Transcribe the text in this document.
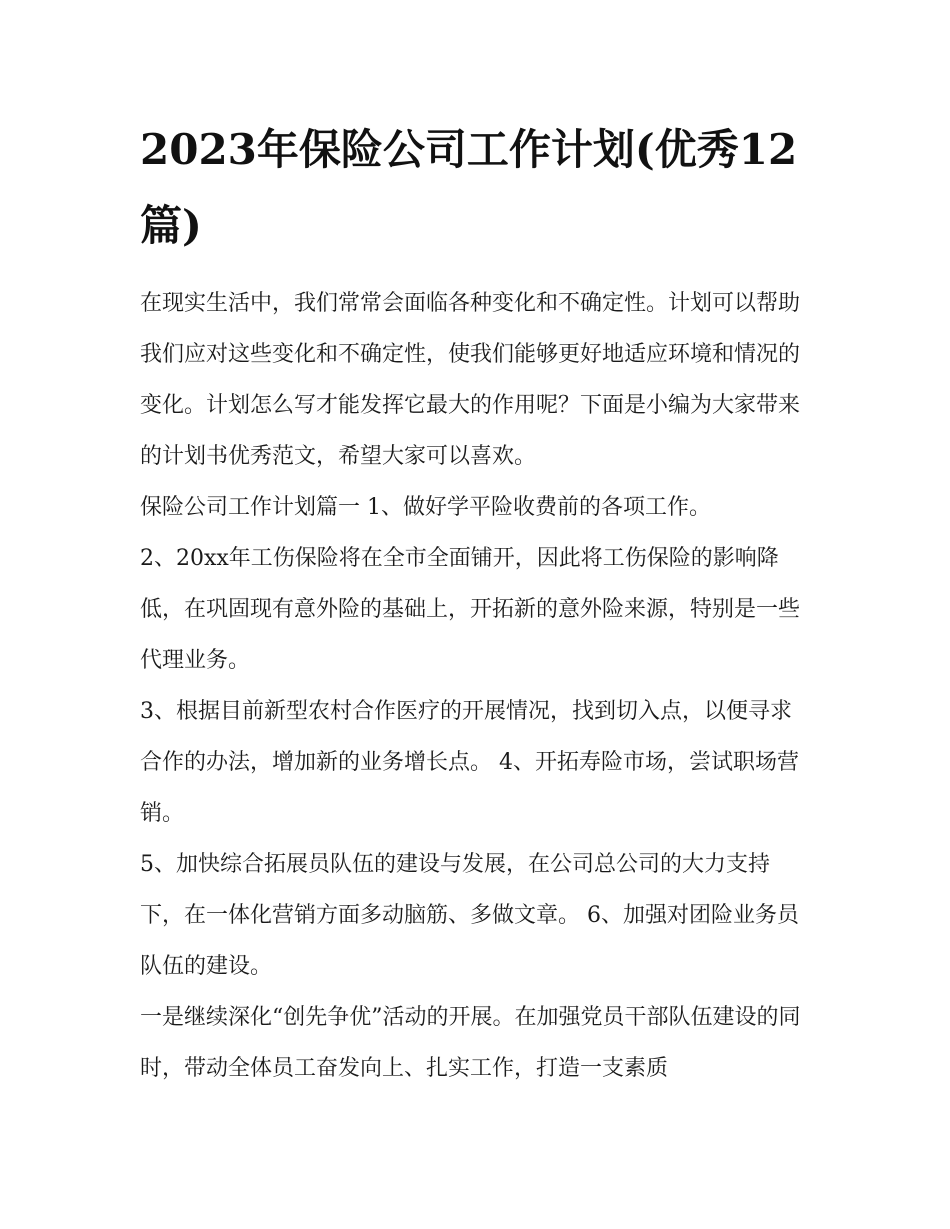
2023年保险公司工作计划(优秀12篇)

在现实生活中，我们常常会面临各种变化和不确定性。计划可以帮助我们应对这些变化和不确定性，使我们能够更好地适应环境和情况的变化。计划怎么写才能发挥它最大的作用呢？下面是小编为大家带来的计划书优秀范文，希望大家可以喜欢。

保险公司工作计划篇一 1、做好学平险收费前的各项工作。

2、20xx年工伤保险将在全市全面铺开，因此将工伤保险的影响降低，在巩固现有意外险的基础上，开拓新的意外险来源，特别是一些代理业务。

3、根据目前新型农村合作医疗的开展情况，找到切入点，以便寻求合作的办法，增加新的业务增长点。 4、开拓寿险市场，尝试职场营销。

5、加快综合拓展员队伍的建设与发展，在公司总公司的大力支持下，在一体化营销方面多动脑筋、多做文章。 6、加强对团险业务员队伍的建设。

一是继续深化“创先争优”活动的开展。在加强党员干部队伍建设的同时，带动全体员工奋发向上、扎实工作，打造一支素质
